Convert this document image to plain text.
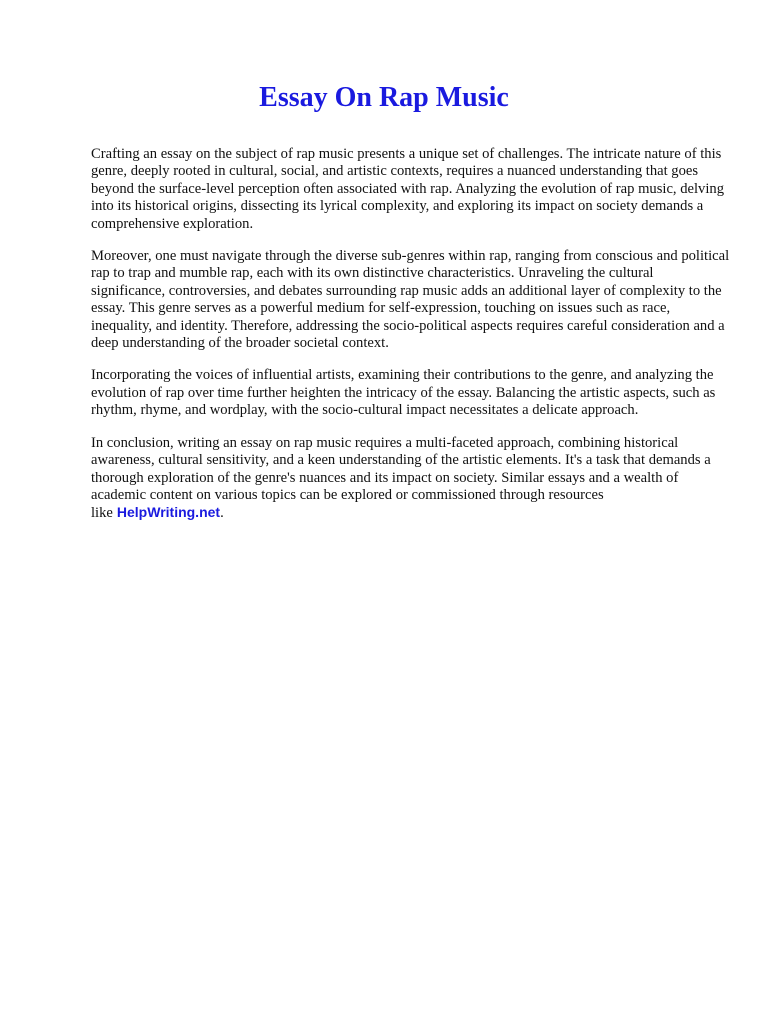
Essay On Rap Music

Crafting an essay on the subject of rap music presents a unique set of challenges. The intricate nature of this genre, deeply rooted in cultural, social, and artistic contexts, requires a nuanced understanding that goes beyond the surface-level perception often associated with rap. Analyzing the evolution of rap music, delving into its historical origins, dissecting its lyrical complexity, and exploring its impact on society demands a comprehensive exploration.

Moreover, one must navigate through the diverse sub-genres within rap, ranging from conscious and political rap to trap and mumble rap, each with its own distinctive characteristics. Unraveling the cultural significance, controversies, and debates surrounding rap music adds an additional layer of complexity to the essay. This genre serves as a powerful medium for self-expression, touching on issues such as race, inequality, and identity. Therefore, addressing the socio-political aspects requires careful consideration and a deep understanding of the broader societal context.

Incorporating the voices of influential artists, examining their contributions to the genre, and analyzing the evolution of rap over time further heighten the intricacy of the essay. Balancing the artistic aspects, such as rhythm, rhyme, and wordplay, with the socio-cultural impact necessitates a delicate approach.

In conclusion, writing an essay on rap music requires a multi-faceted approach, combining historical awareness, cultural sensitivity, and a keen understanding of the artistic elements. It's a task that demands a thorough exploration of the genre's nuances and its impact on society. Similar essays and a wealth of academic content on various topics can be explored or commissioned through resources like HelpWriting.net.
